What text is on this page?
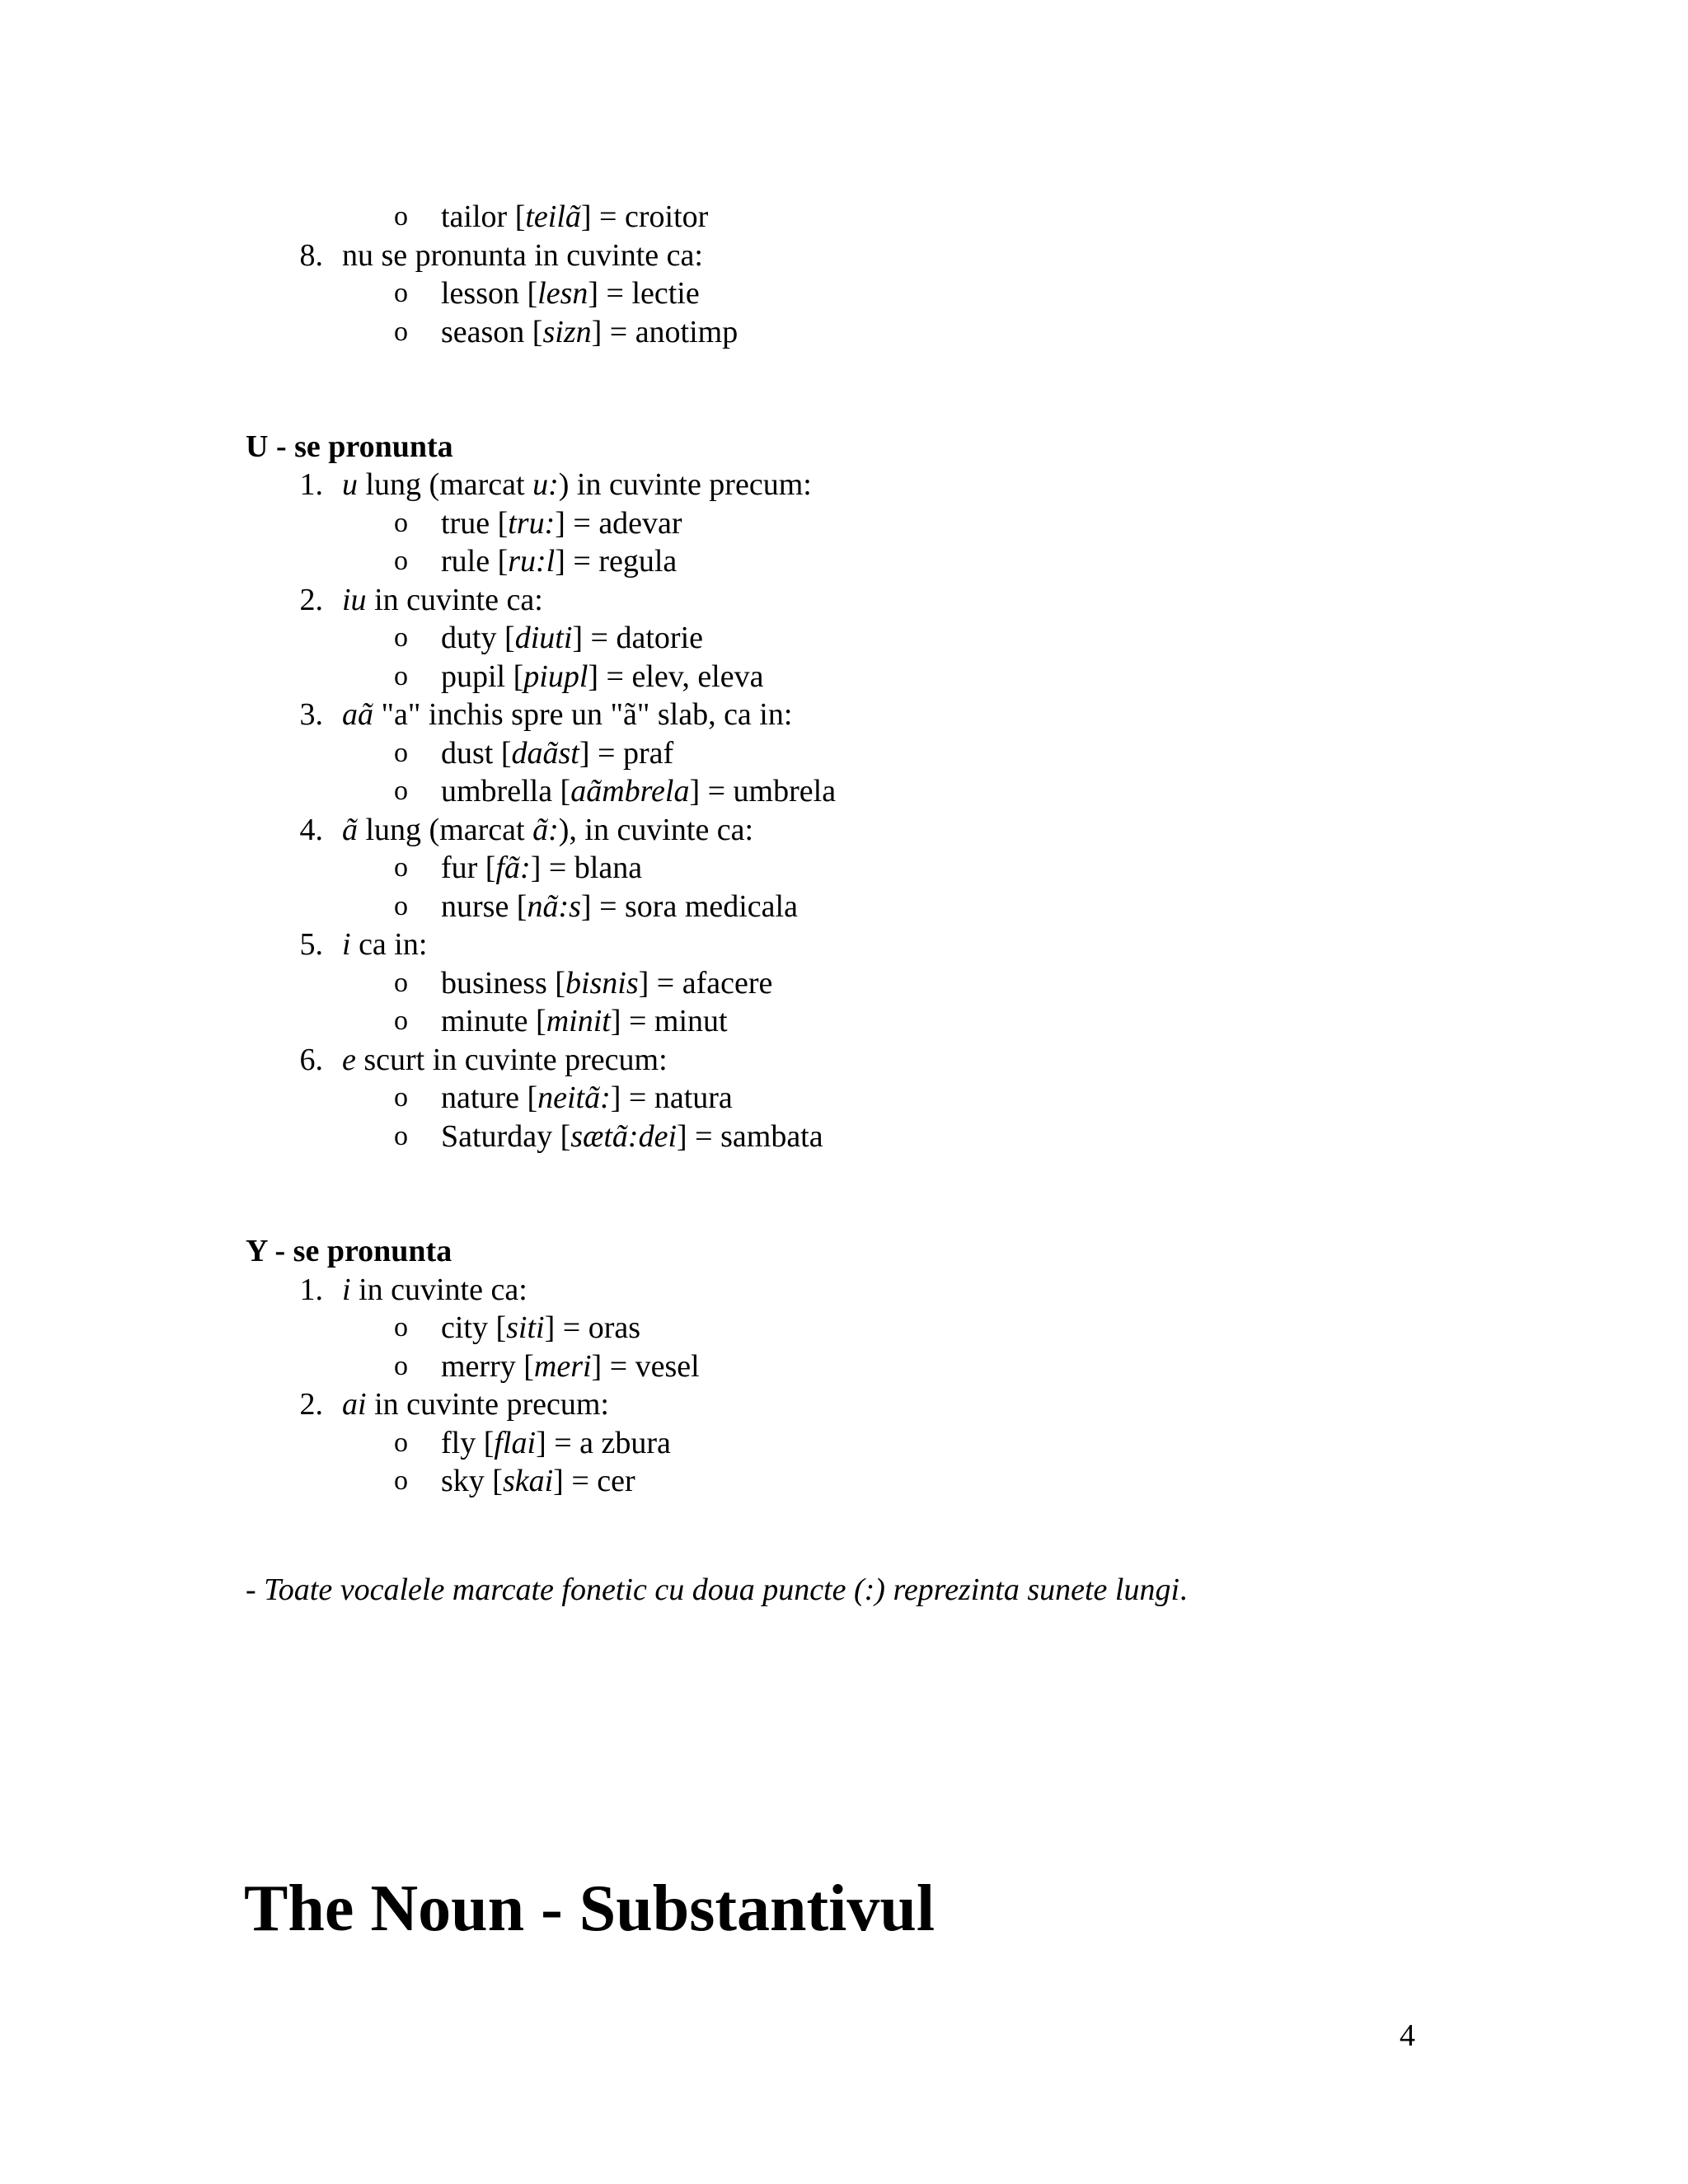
o tailor [teilã] = croitor
8. nu se pronunta in cuvinte ca:
o lesson [lesn] = lectie
o season [sizn] = anotimp
U - se pronunta
1. u lung (marcat u:) in cuvinte precum:
o true [tru:] = adevar
o rule [ru:l] = regula
2. iu in cuvinte ca:
o duty [diuti] = datorie
o pupil [piupl] = elev, eleva
3. aã "a" inchis spre un "ã" slab, ca in:
o dust [daãst] = praf
o umbrella [aãmbrela] = umbrela
4. ã lung (marcat ã:), in cuvinte ca:
o fur [fã:] = blana
o nurse [nã:s] = sora medicala
5. i ca in:
o business [bisnis] = afacere
o minute [minit] = minut
6. e scurt in cuvinte precum:
o nature [neitã:] = natura
o Saturday [sætã:dei] = sambata
Y - se pronunta
1. i in cuvinte ca:
o city [siti] = oras
o merry [meri] = vesel
2. ai in cuvinte precum:
o fly [flai] = a zbura
o sky [skai] = cer
- Toate vocalele marcate fonetic cu doua puncte (:) reprezinta sunete lungi.
The Noun - Substantivul
4
